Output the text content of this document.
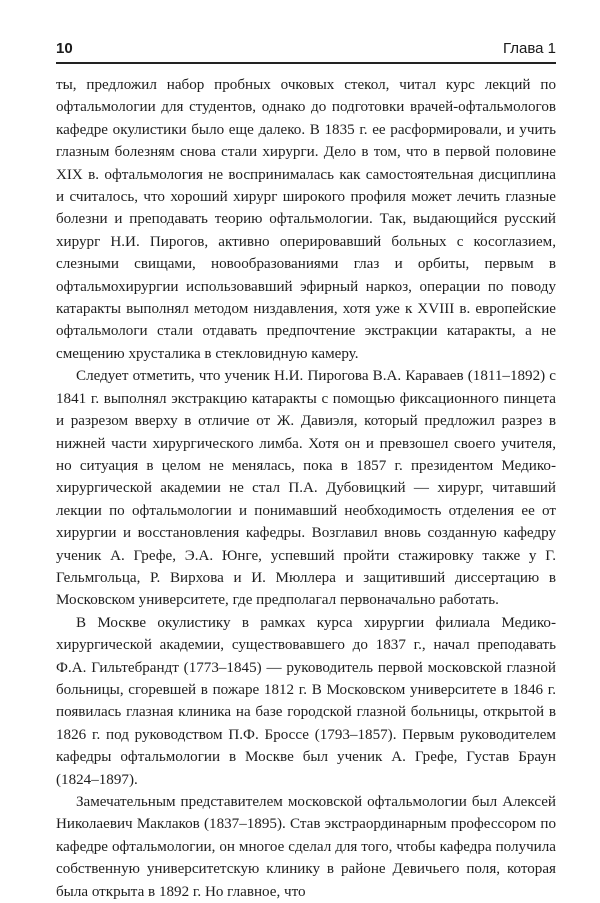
10	Глава 1

ты, предложил набор пробных очковых стекол, читал курс лекций по офтальмологии для студентов, однако до подготовки врачей-офтальмологов кафедре окулистики было еще далеко. В 1835 г. ее расформировали, и учить глазным болезням снова стали хирурги. Дело в том, что в первой половине XIX в. офтальмология не воспринималась как самостоятельная дисциплина и считалось, что хороший хирург широкого профиля может лечить глазные болезни и преподавать теорию офтальмологии. Так, выдающийся русский хирург Н.И. Пирогов, активно оперировавший больных с косоглазием, слезными свищами, новообразованиями глаз и орбиты, первым в офтальмохирургии использовавший эфирный наркоз, операции по поводу катаракты выполнял методом низдавления, хотя уже к XVIII в. европейские офтальмологи стали отдавать предпочтение экстракции катаракты, а не смещению хрусталика в стекловидную камеру.

Следует отметить, что ученик Н.И. Пирогова В.А. Караваев (1811–1892) с 1841 г. выполнял экстракцию катаракты с помощью фиксационного пинцета и разрезом вверху в отличие от Ж. Давиэля, который предложил разрез в нижней части хирургического лимба. Хотя он и превзошел своего учителя, но ситуация в целом не менялась, пока в 1857 г. президентом Медико-хирургической академии не стал П.А. Дубовицкий — хирург, читавший лекции по офтальмологии и понимавший необходимость отделения ее от хирургии и восстановления кафедры. Возглавил вновь созданную кафедру ученик А. Грефе, Э.А. Юнге, успевший пройти стажировку также у Г. Гельмгольца, Р. Вирхова и И. Мюллера и защитивший диссертацию в Московском университете, где предполагал первоначально работать.

В Москве окулистику в рамках курса хирургии филиала Медико-хирургической академии, существовавшего до 1837 г., начал преподавать Ф.А. Гильтебрандт (1773–1845) — руководитель первой московской глазной больницы, сгоревшей в пожаре 1812 г. В Московском университете в 1846 г. появилась глазная клиника на базе городской глазной больницы, открытой в 1826 г. под руководством П.Ф. Броссе (1793–1857). Первым руководителем кафедры офтальмологии в Москве был ученик А. Грефе, Густав Браун (1824–1897).

Замечательным представителем московской офтальмологии был Алексей Николаевич Маклаков (1837–1895). Став экстраординарным профессором по кафедре офтальмологии, он многое сделал для того, чтобы кафедра получила собственную университетскую клинику в районе Девичьего поля, которая была открыта в 1892 г. Но главное, что
